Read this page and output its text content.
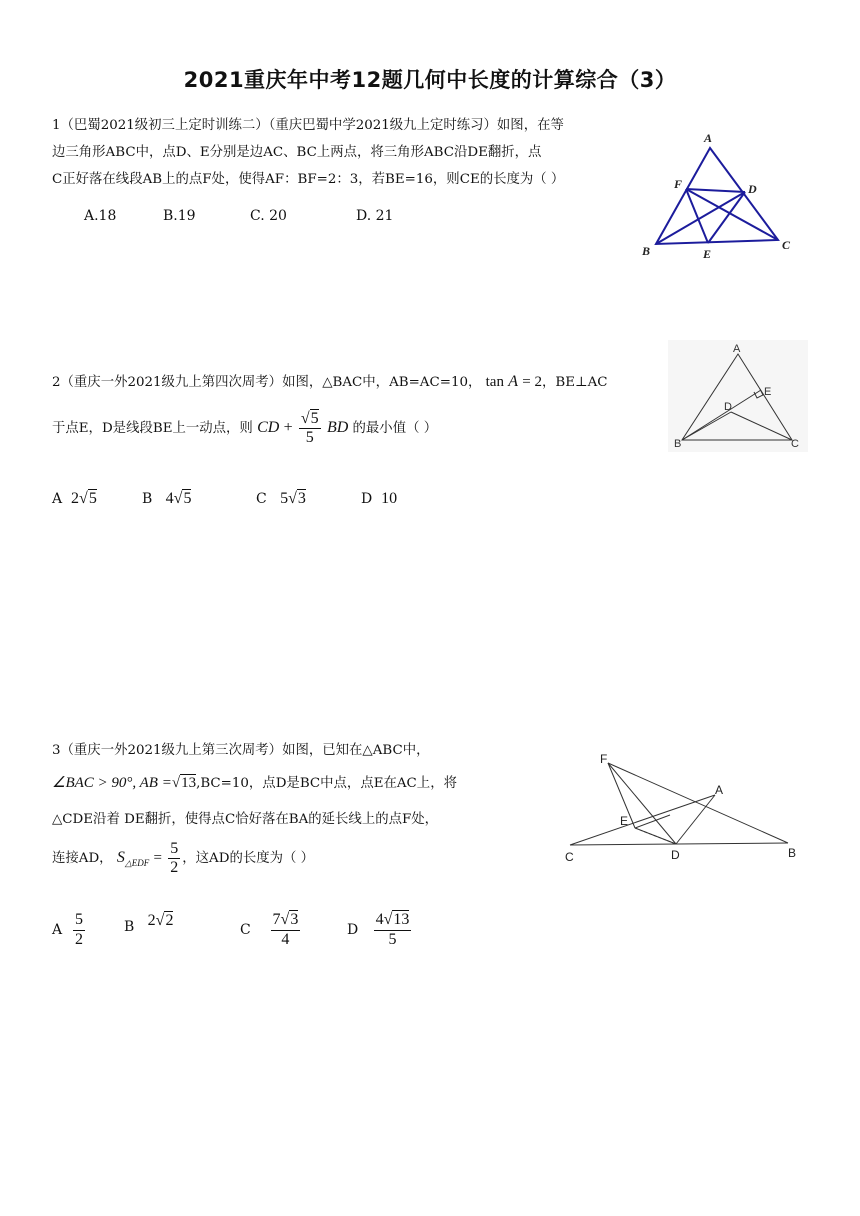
2021重庆年中考12题几何中长度的计算综合（3）
1（巴蜀2021级初三上定时训练二）（重庆巴蜀中学2021级九上定时练习）如图，在等
边三角形ABC中，点D、E分别是边AC、BC上两点，将三角形ABC沿DE翻折，点
C正好落在线段AB上的点F处，使得AF：BF=2：3，若BE=16，则CE的长度为（ ）
A.18	B.19	C. 20	D. 21
A
F	D
B	E
C
2（重庆一外2021级九上第四次周考）如图，△BAC中，AB=AC=10， tan A = 2，BE⊥AC
于点E，D是线段BE上一动点，则 CD + $\frac{√5}{5}$ BD 的最小值（ ）
A 2√5	B 4√5	C 5√3	D 10
A
E
D
B	C
3（重庆一外2021级九上第三次周考）如图，已知在△ABC中，
∠BAC > 90°, AB =√13,BC=10，点D是BC中点，点E在AC上，将
△CDE沿着 DE翻折，使得点C恰好落在BA的延长线上的点F处，
连接AD， $S_{\triangle EDF} = \frac{5}{2}$ ，这AD的长度为（ ）
A $\frac{5}{2}$	B 2√2
C $\frac{7√3}{4}$	D $\frac{4√13}{5}$
F
A
E
C	D	B
